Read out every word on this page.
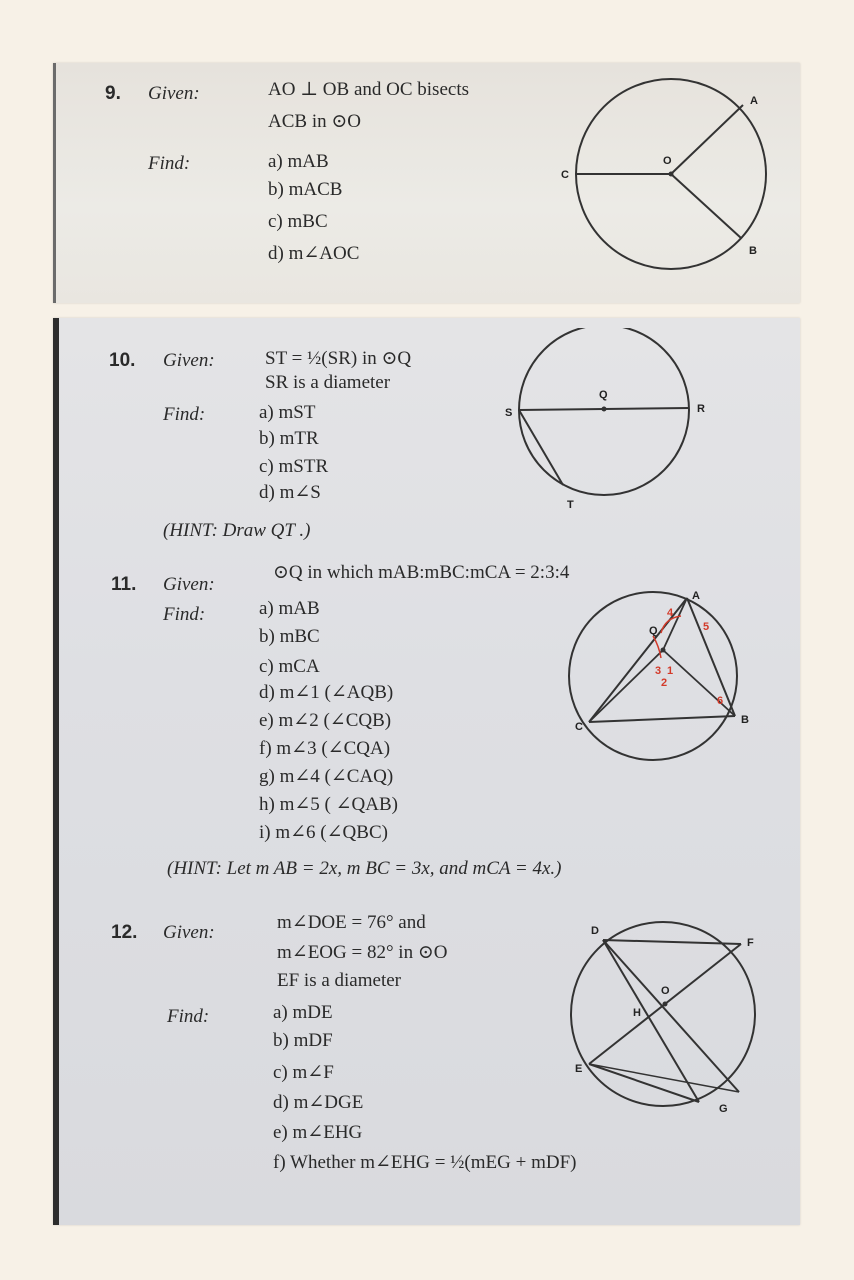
9. Given:	AO ⊥ OB and OC bisects
ACB in ⊙O
Find:	a) mAB
b) mACB
c) mBC
d) m∠AOC
A
O
C
B
10. Given:	ST = ½(SR) in ⊙Q
SR is a diameter
Find:	a) mST
b) mTR
c) mSTR
d) m∠S
(HINT: Draw QT .)
S
Q
R
T
11. Given:
⊙Q in which mAB:mBC:mCA = 2:3:4
Find:	a) mAB
b) mBC
c) mCA
d) m∠1 (∠AQB)
e) m∠2 (∠CQB)
f) m∠3 (∠CQA)
g) m∠4 (∠CAQ)
h) m∠5 ( ∠QAB)
i) m∠6 (∠QBC)
(HINT: Let m AB = 2x, m BC = 3x, and mCA = 4x.)
A
Q
C
B
4
5
3 1
2
6
12. Given:	m∠DOE = 76° and
m∠EOG = 82° in ⊙O
EF is a diameter
Find:	a) mDE
b) mDF
c) m∠F
d) m∠DGE
e) m∠EHG
f) Whether m∠EHG = ½(mEG + mDF)
D
F
O
H
E
G
